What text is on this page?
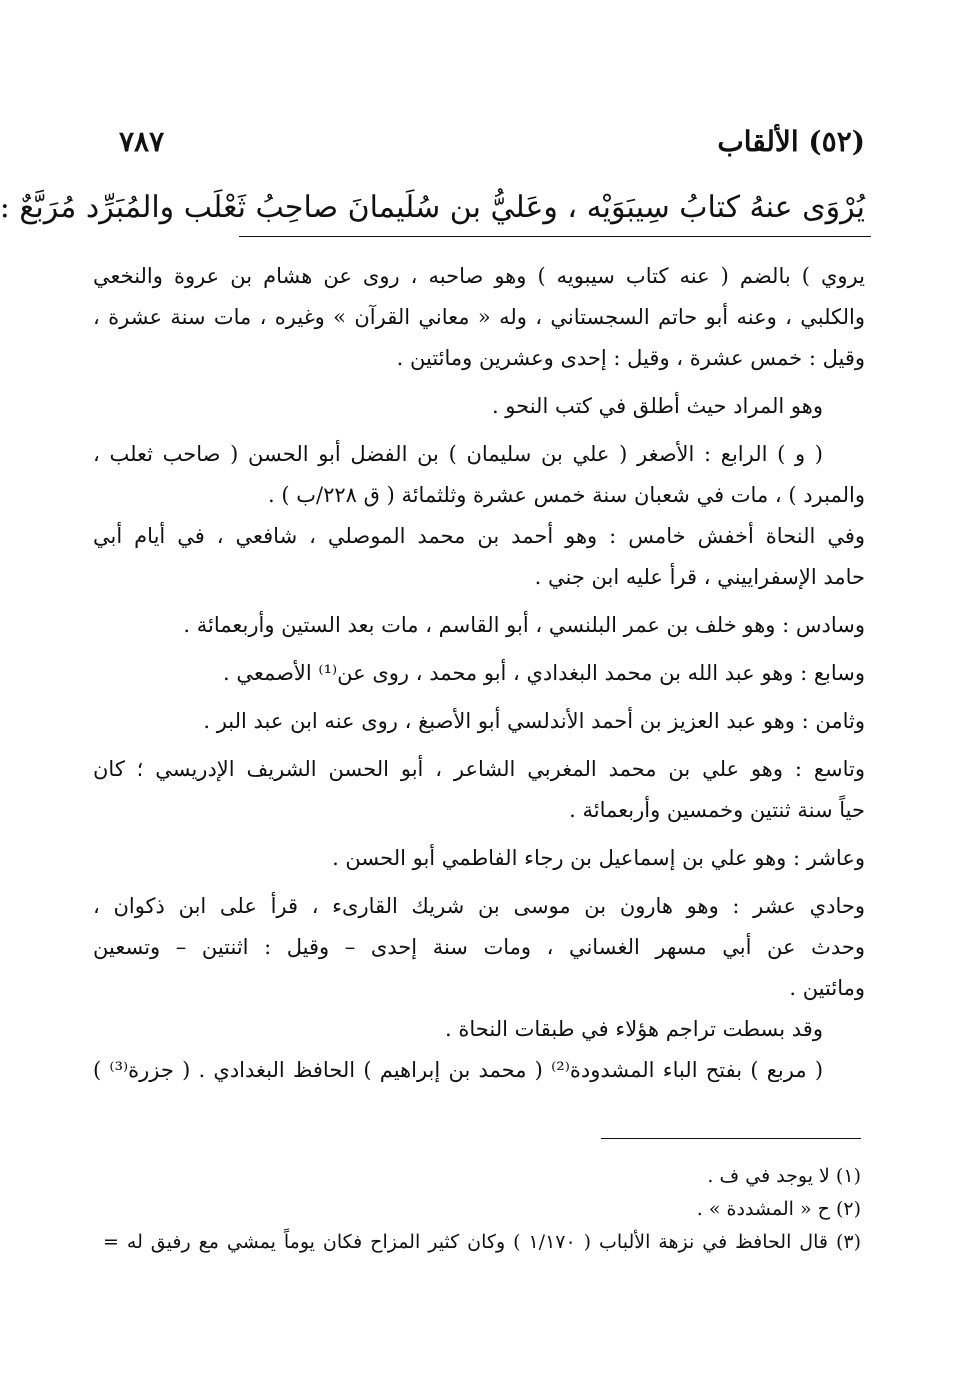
(٥٢) الألقاب
٧٨٧
يُرْوَى عنهُ كتابُ سِيبَوَيْه ، وعَليُّ بن سُلَيمانَ صاحِبُ ثَعْلَب والمُبَرِّد مُرَبَّعٌ :
يروي ) بالضم ( عنه كتاب سيبويه ) وهو صاحبه ، روى عن هشام بن عروة والنخعي
والكلبي ، وعنه أبو حاتم السجستاني ، وله « معاني القرآن » وغيره ، مات سنة عشرة ،
وقيل : خمس عشرة ، وقيل : إحدى وعشرين ومائتين .
وهو المراد حيث أطلق في كتب النحو .
( و ) الرابع : الأصغر ( علي بن سليمان ) بن الفضل أبو الحسن ( صاحب ثعلب ،
والمبرد ) ، مات في شعبان سنة خمس عشرة وثلثمائة ( ق ٢٢٨/ب ) .
وفي النحاة أخفش خامس : وهو أحمد بن محمد الموصلي ، شافعي ، في أيام أبي
حامد الإسفراييني ، قرأ عليه ابن جني .
وسادس : وهو خلف بن عمر البلنسي ، أبو القاسم ، مات بعد الستين وأربعمائة .
وسابع : وهو عبد الله بن محمد البغدادي ، أبو محمد ، روى عن⁽¹⁾ الأصمعي .
وثامن : وهو عبد العزيز بن أحمد الأندلسي أبو الأصبغ ، روى عنه ابن عبد البر .
وتاسع : وهو علي بن محمد المغربي الشاعر ، أبو الحسن الشريف الإدريسي ؛ كان
حياً سنة ثنتين وخمسين وأربعمائة .
وعاشر : وهو علي بن إسماعيل بن رجاء الفاطمي أبو الحسن .
وحادي عشر : وهو هارون بن موسى بن شريك القارىء ، قرأ على ابن ذكوان ،
وحدث عن أبي مسهر الغساني ، ومات سنة إحدى – وقيل : اثنتين – وتسعين
ومائتين .
وقد بسطت تراجم هؤلاء في طبقات النحاة .
( مربع ) بفتح الباء المشدودة⁽²⁾ ( محمد بن إبراهيم ) الحافظ البغدادي . ( جزرة⁽³⁾ )
(١) لا يوجد في ف .
(٢) ح « المشددة » .
(٣) قال الحافظ في نزهة الألباب ( ١/١٧٠ ) وكان كثير المزاح فكان يوماً يمشي مع رفيق له =
